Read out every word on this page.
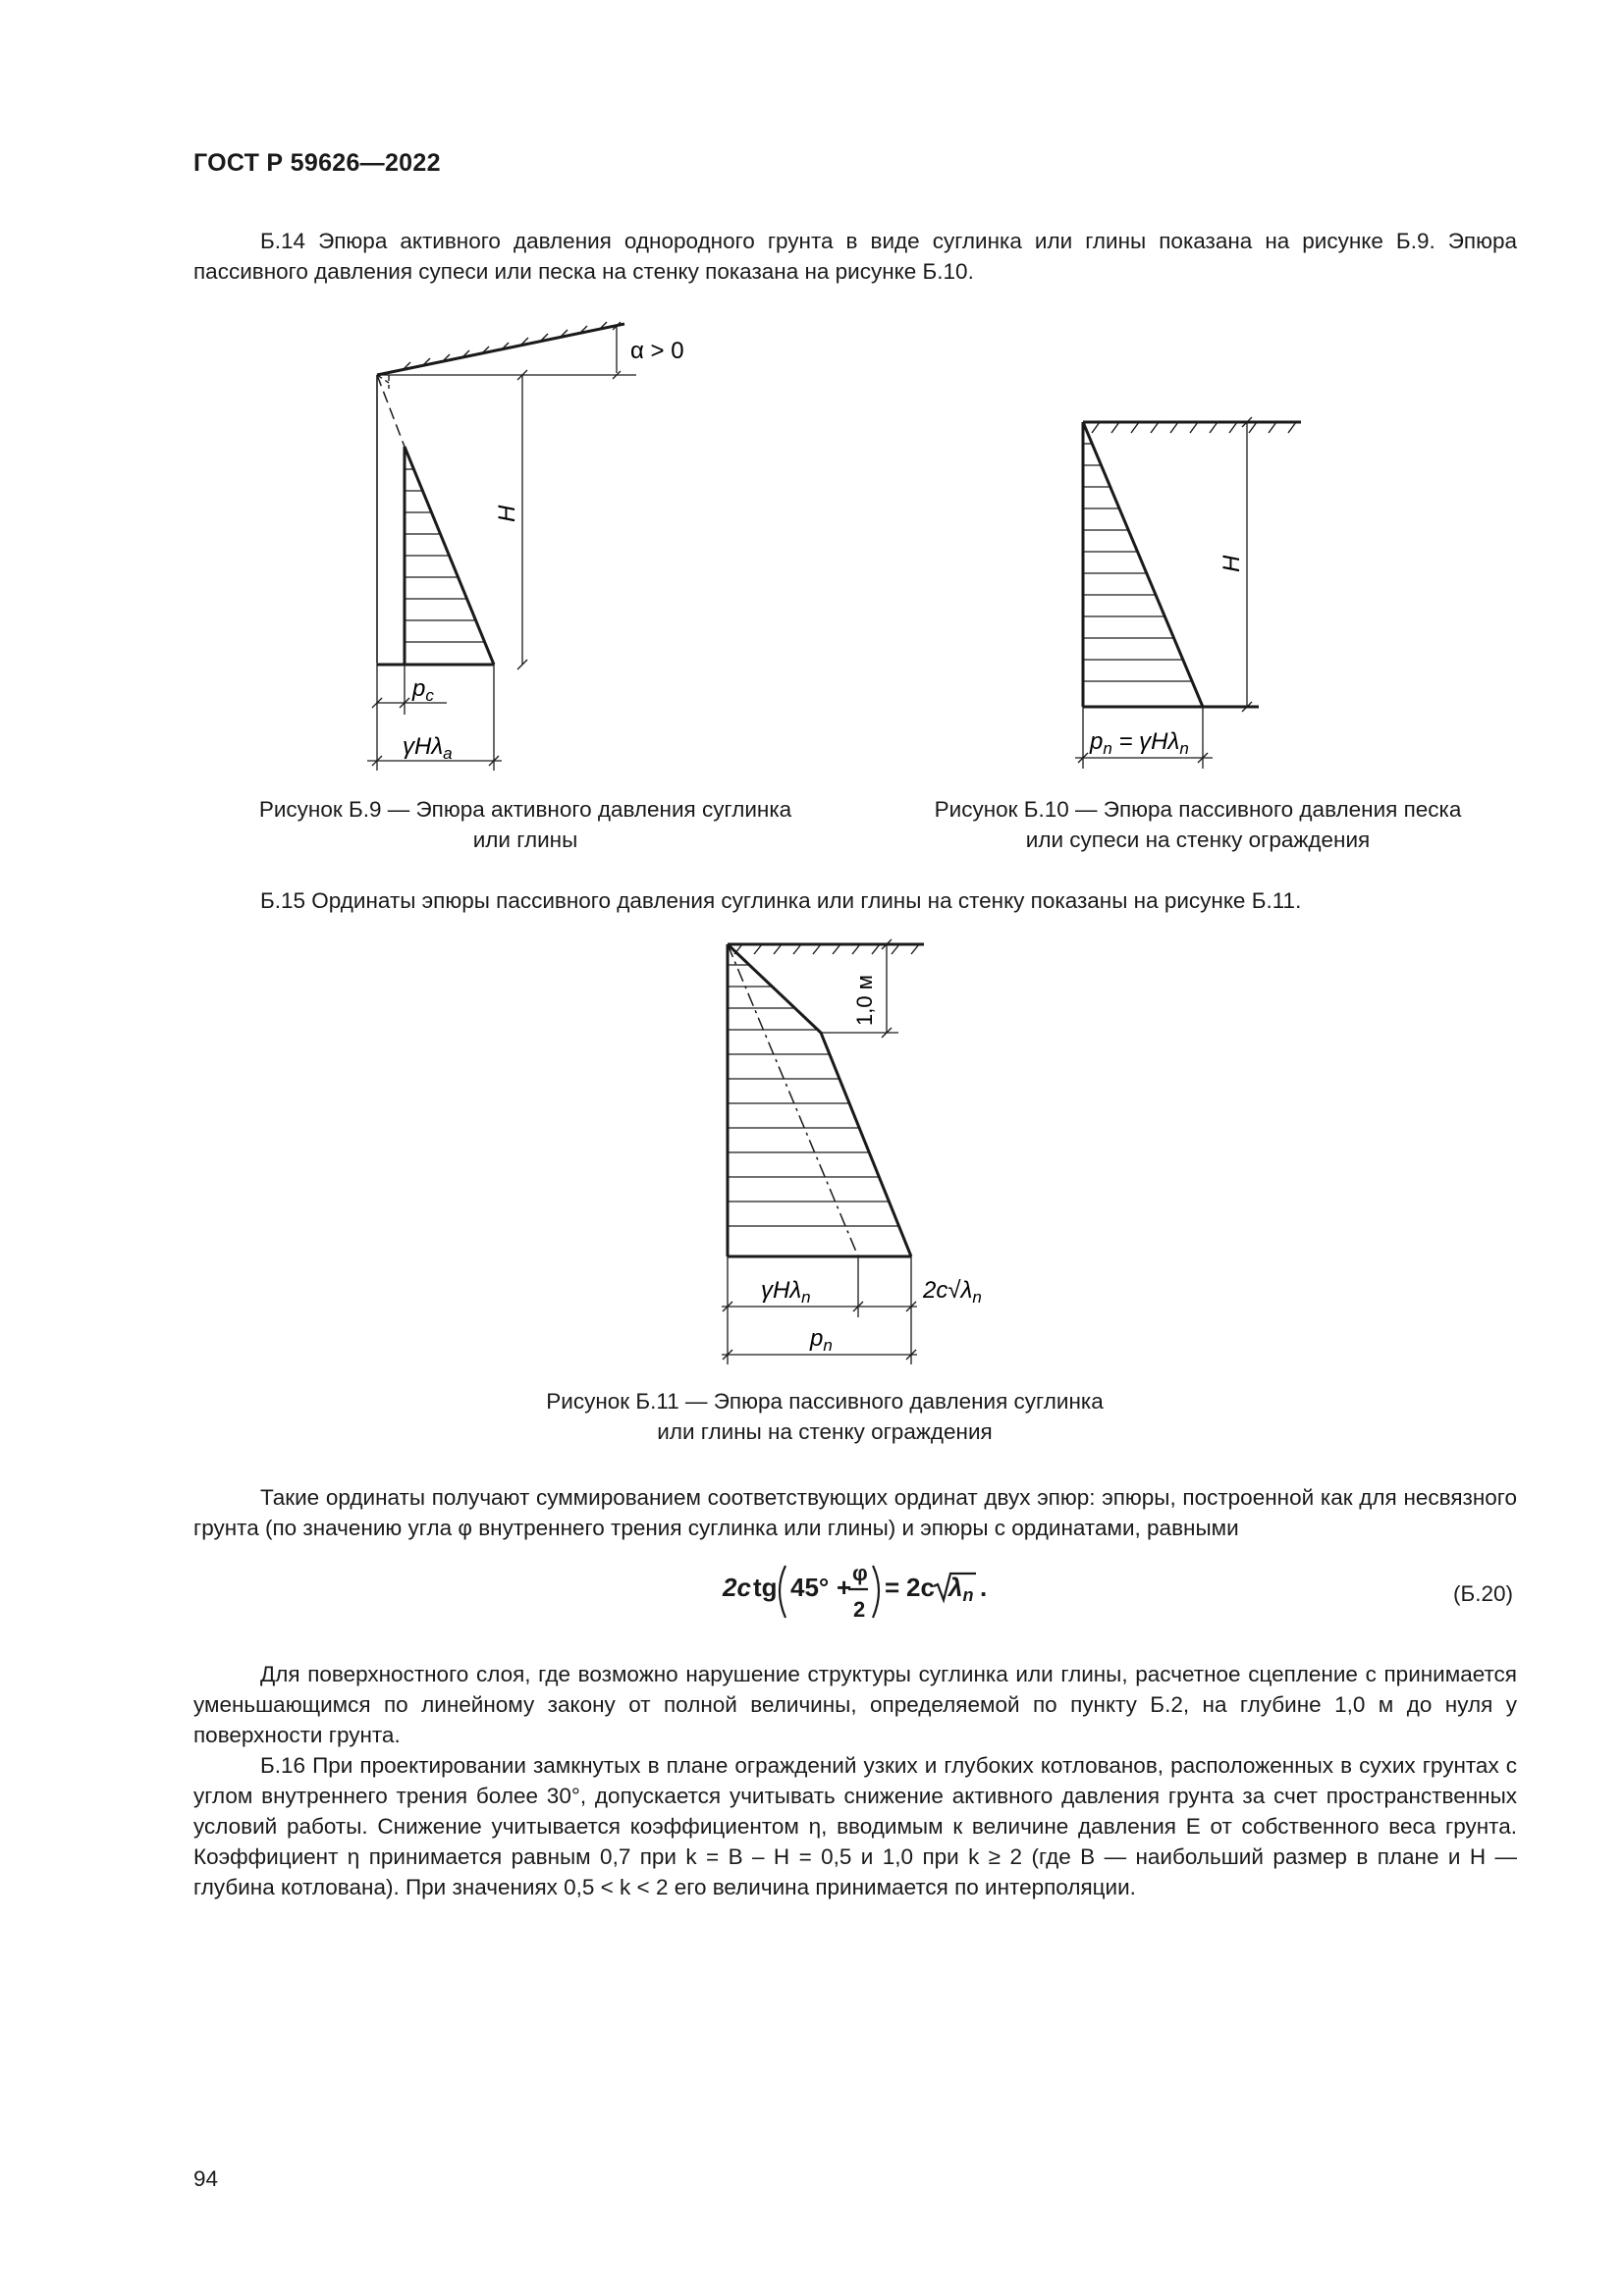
ГОСТ Р 59626—2022

Б.14 Эпюра активного давления однородного грунта в виде суглинка или глины показана на рисунке Б.9. Эпюра пассивного давления супеси или песка на стенку показана на рисунке Б.10.

α > 0
H
$p_c$
γHλ$_a$
Рисунок Б.9 — Эпюра активного давления суглинка
или глины
H
$p_n = \gamma H\lambda_n$
Рисунок Б.10 — Эпюра пассивного давления песка
или супеси на стенку ограждения

Б.15 Ординаты эпюры пассивного давления суглинка или глины на стенку показаны на рисунке Б.11.

1,0 м
γHλ$_n$	$2c√\lambda_n$
$p_n$
Рисунок Б.11 — Эпюра пассивного давления суглинка
или глины на стенку ограждения

Такие ординаты получают суммированием соответствующих ординат двух эпюр: эпюры, построенной как для несвязного грунта (по значению угла φ внутреннего трения суглинка или глины) и эпюры с ординатами, равными

2c tg 45° + φ
2
= 2c λn .	(Б.20)

Для поверхностного слоя, где возможно нарушение структуры суглинка или глины, расчетное сцепление c принимается уменьшающимся по линейному закону от полной величины, определяемой по пункту Б.2, на глубине 1,0 м до нуля у поверхности грунта.

Б.16 При проектировании замкнутых в плане ограждений узких и глубоких котлованов, расположенных в сухих грунтах с углом внутреннего трения более 30°, допускается учитывать снижение активного давления грунта за счет пространственных условий работы. Снижение учитывается коэффициентом η, вводимым к величине давления E от собственного веса грунта. Коэффициент η принимается равным 0,7 при k = B – H = 0,5 и 1,0 при k ≥ 2 (где B — наибольший размер в плане и H — глубина котлована). При значениях 0,5 < k < 2 его величина принимается по интерполяции.

94
